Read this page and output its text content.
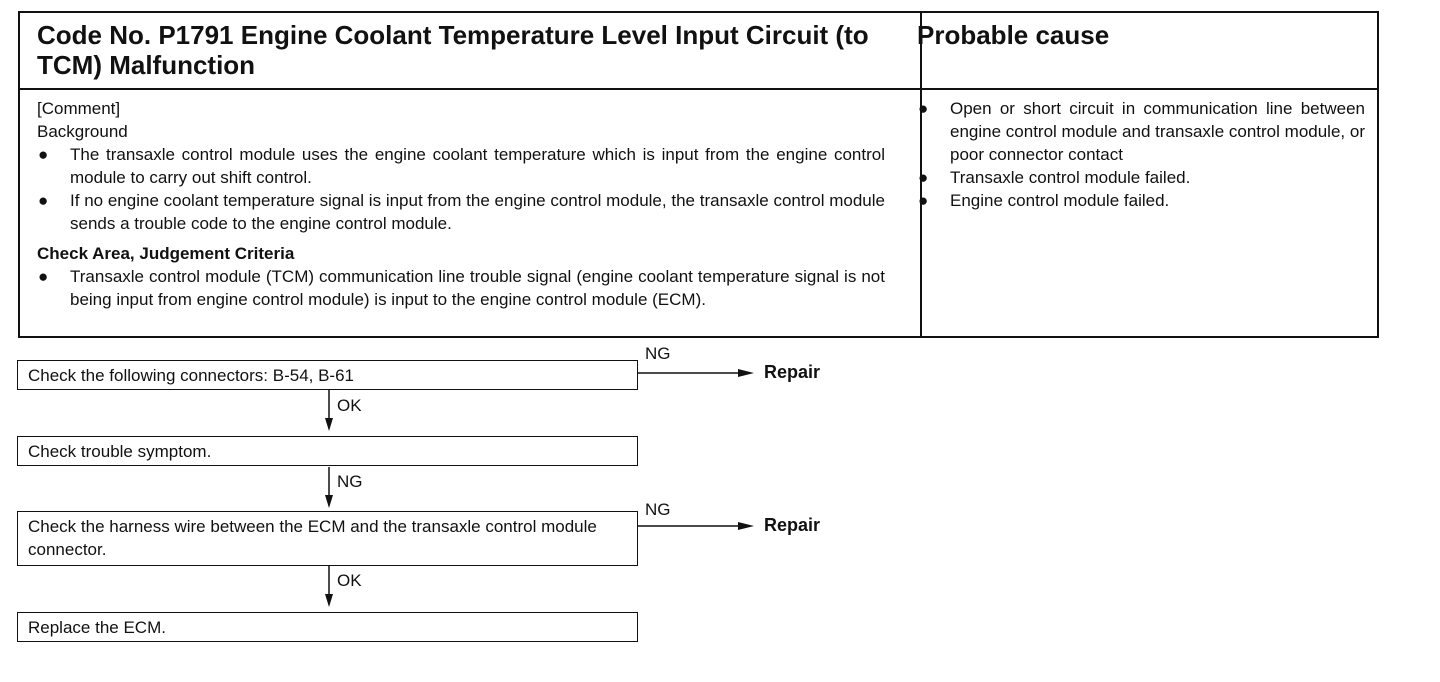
Code No. P1791 Engine Coolant Temperature Level Input Circuit (to TCM) Malfunction
Probable cause
[Comment]
Background
● The transaxle control module uses the engine coolant temperature which is input from the engine control module to carry out shift control.
● If no engine coolant temperature signal is input from the engine control module, the transaxle control module sends a trouble code to the engine control module.
Check Area, Judgement Criteria
● Transaxle control module (TCM) communication line trouble signal (engine coolant temperature signal is not being input from engine control module) is input to the engine control module (ECM).
● Open or short circuit in communication line between engine control module and transaxle control module, or poor connector contact
● Transaxle control module failed.
● Engine control module failed.
Check the following connectors: B-54, B-61
NG
Repair
OK
Check trouble symptom.
NG
Check the harness wire between the ECM and the transaxle control module connector.
NG
Repair
OK
Replace the ECM.
